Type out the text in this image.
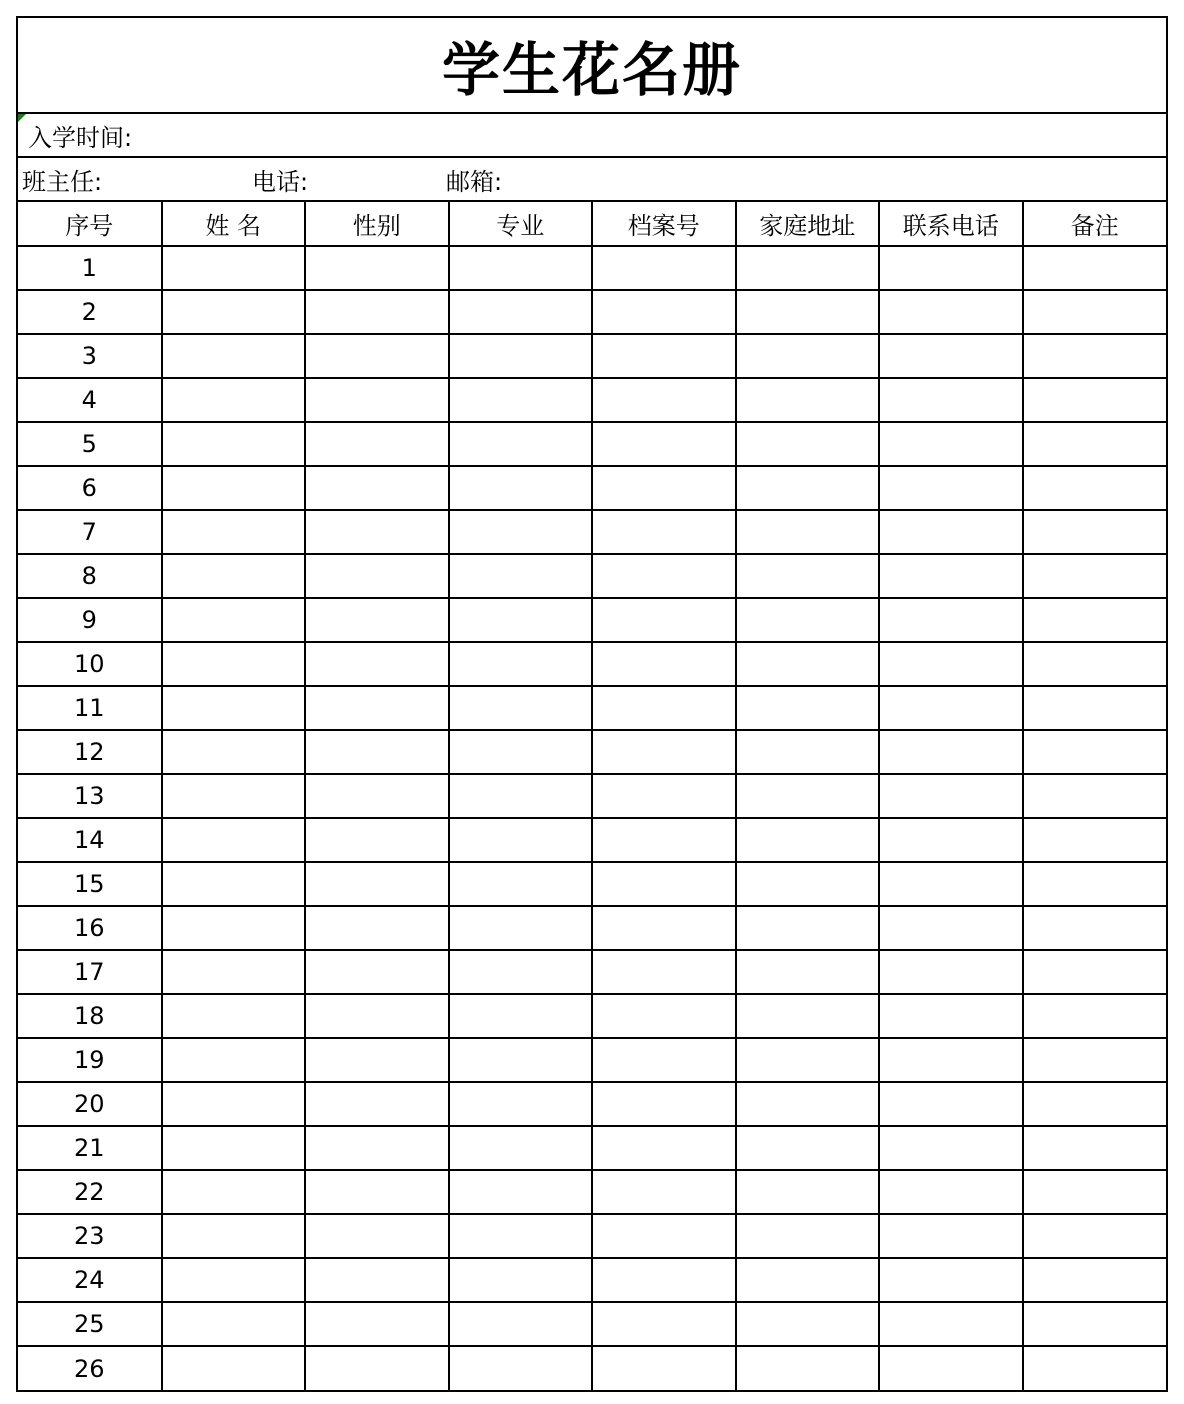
学生花名册
入学时间:
班主任:	电话:	邮箱:
序号	姓 名	性别	专业	档案号	家庭地址	联系电话	备注
1							
2							
3							
4							
5							
6							
7							
8							
9							
10							
11							
12							
13							
14							
15							
16							
17							
18							
19							
20							
21							
22							
23							
24							
25							
26							
